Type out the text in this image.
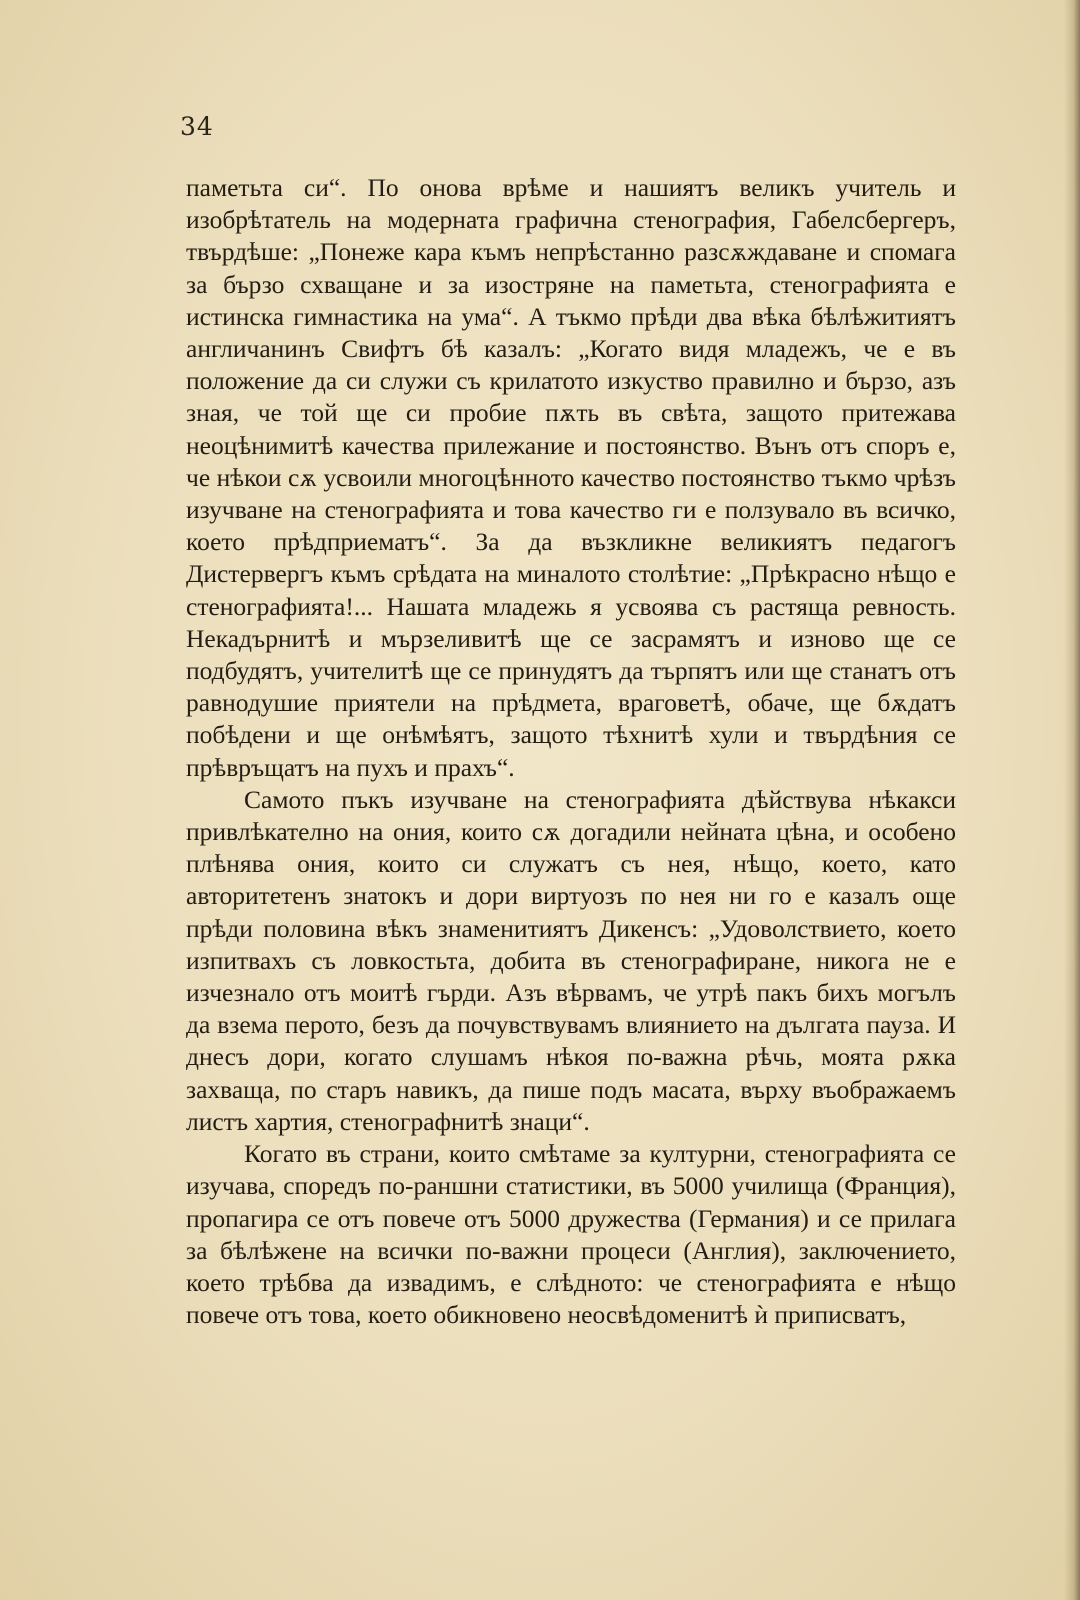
34

паметьта си“. По онова врѣме и нашиятъ великъ учитель и изобрѣтатель на модерната графична стенография, Габелсбергеръ, твърдѣше: „Понеже кара къмъ непрѣстанно разсѫждаване и спомага за бързо схващане и за изостряне на паметьта, стенографията е истинска гимнастика на ума“. А тъкмо прѣди два вѣка бѣлѣжитиятъ англичанинъ Свифтъ бѣ казалъ: „Когато видя младежъ, че е въ положение да си служи съ крилатото изкуство правилно и бързо, азъ зная, че той ще си пробие пѫть въ свѣта, защото притежава неоцѣнимитѣ качества прилежание и постоянство. Вънъ отъ споръ е, че нѣкои сѫ усвоили многоцѣнното качество постоянство тъкмо чрѣзъ изучване на стенографията и това качество ги е ползувало въ всичко, което прѣдприематъ“. За да възкликне великиятъ педагогъ Дистервергъ къмъ срѣдата на миналото столѣтие: „Прѣкрасно нѣщо е стенографията!... Нашата младежь я усвоява съ растяща ревность. Некадърнитѣ и мързеливитѣ ще се засрамятъ и изново ще се подбудятъ, учителитѣ ще се принудятъ да търпятъ или ще станатъ отъ равнодушие приятели на прѣдмета, враговетѣ, обаче, ще бѫдатъ побѣдени и ще онѣмѣятъ, защото тѣхнитѣ хули и твърдѣния се прѣвръщатъ на пухъ и прахъ“.

Самото пъкъ изучване на стенографията дѣйствува нѣкакси привлѣкателно на ония, които сѫ догадили нейната цѣна, и особено плѣнява ония, които си служатъ съ нея, нѣщо, което, като авторитетенъ знатокъ и дори виртуозъ по нея ни го е казалъ още прѣди половина вѣкъ знаменитиятъ Дикенсъ: „Удоволствието, което изпитвахъ съ ловкостьта, добита въ стенографиране, никога не е изчезнало отъ моитѣ гърди. Азъ вѣрвамъ, че утрѣ пакъ бихъ могълъ да взема перото, безъ да почувствувамъ влиянието на дългата пауза. И днесъ дори, когато слушамъ нѣкоя по-важна рѣчь, моята рѫка захваща, по старъ навикъ, да пише подъ масата, върху въображаемъ листъ хартия, стенографнитѣ знаци“.

Когато въ страни, които смѣтаме за културни, стенографията се изучава, споредъ по-раншни статистики, въ 5000 училища (Франция), пропагира се отъ повече отъ 5000 дружества (Германия) и се прилага за бѣлѣжене на всички по-важни процеси (Англия), заключението, което трѣбва да извадимъ, е слѣдното: че стенографията е нѣщо повече отъ това, което обикновено неосвѣдоменитѣ ѝ приписватъ,
